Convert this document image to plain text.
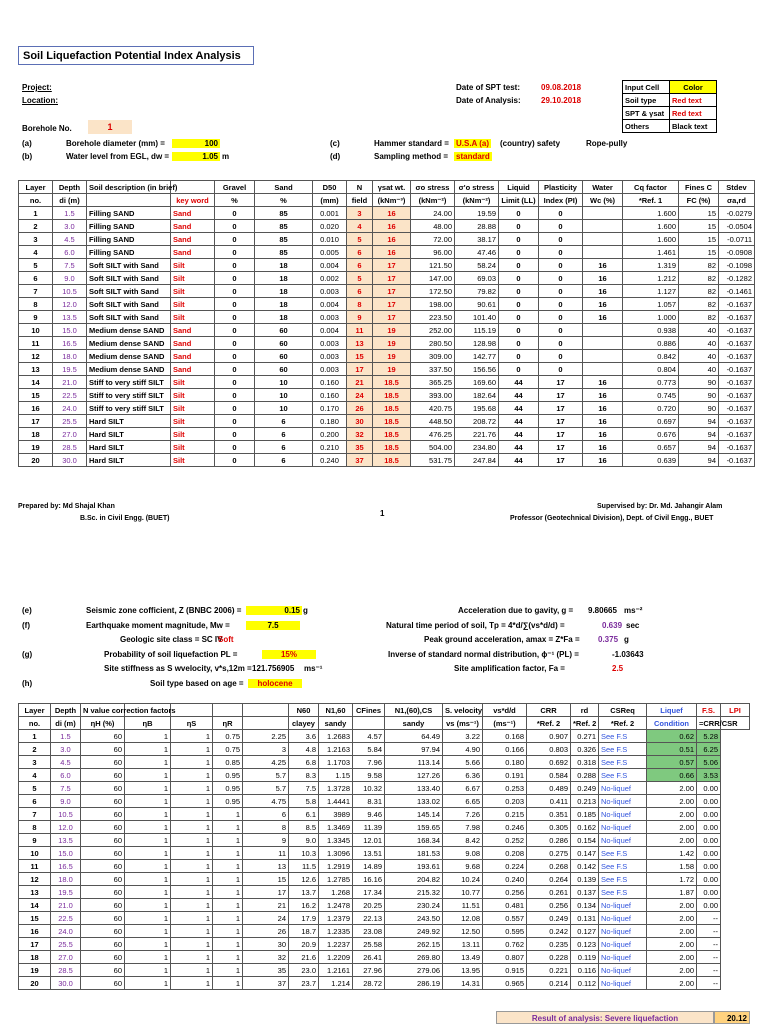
Soil Liquefaction Potential Index Analysis
Project:
Location:
Date of SPT test:	09.08.2018
Date of Analysis:	29.10.2018
Input Cell	Color
Soil type	Red text
SPT & γsat	Red text
Others	Black text
Borehole No.	1
(a)	Borehole diameter (mm) =	100
(b)	Water level from EGL, dw =	1.05 m
(c)	Hammer standard = U.S.A (a) (country) safety	Rope-pully
(d)	Sampling method = standard
Layer	Depth	Soil description (in brief)		Gravel	Sand	D50	N	γsat wt.	σo stress	σ'o stress	Liquid	Plasticity	Water	Cq factor	Fines C	Stdev
no.	di (m)		key word	%	%	(mm)	field	(kNm⁻³)	(kNm⁻²)	(kNm⁻²)	Limit (LL)	Index (PI)	Wc (%)	*Ref. 1	FC (%)	σa,rd
1	1.5	Filling SAND	Sand	0	85	0.001	3	16	24.00	19.59	0	0		1.600	15	-0.0279
2	3.0	Filling SAND	Sand	0	85	0.020	4	16	48.00	28.88	0	0		1.600	15	-0.0504
3	4.5	Filling SAND	Sand	0	85	0.010	5	16	72.00	38.17	0	0		1.600	15	-0.0711
4	6.0	Filling SAND	Sand	0	85	0.005	6	16	96.00	47.46	0	0		1.461	15	-0.0908
5	7.5	Soft SILT with Sand	Silt	0	18	0.004	6	17	121.50	58.24	0	0	16	1.319	82	-0.1098
6	9.0	Soft SILT with Sand	Silt	0	18	0.002	5	17	147.00	69.03	0	0	16	1.212	82	-0.1282
7	10.5	Soft SILT with Sand	Silt	0	18	0.003	6	17	172.50	79.82	0	0	16	1.127	82	-0.1461
8	12.0	Soft SILT with Sand	Silt	0	18	0.004	8	17	198.00	90.61	0	0	16	1.057	82	-0.1637
9	13.5	Soft SILT with Sand	Silt	0	18	0.003	9	17	223.50	101.40	0	0	16	1.000	82	-0.1637
10	15.0	Medium dense SAND	Sand	0	60	0.004	11	19	252.00	115.19	0	0		0.938	40	-0.1637
11	16.5	Medium dense SAND	Sand	0	60	0.003	13	19	280.50	128.98	0	0		0.886	40	-0.1637
12	18.0	Medium dense SAND	Sand	0	60	0.003	15	19	309.00	142.77	0	0		0.842	40	-0.1637
13	19.5	Medium dense SAND	Sand	0	60	0.003	17	19	337.50	156.56	0	0		0.804	40	-0.1637
14	21.0	Stiff to very stiff SILT	Silt	0	10	0.160	21	18.5	365.25	169.60	44	17	16	0.773	90	-0.1637
15	22.5	Stiff to very stiff SILT	Silt	0	10	0.160	24	18.5	393.00	182.64	44	17	16	0.745	90	-0.1637
16	24.0	Stiff to very stiff SILT	Silt	0	10	0.170	26	18.5	420.75	195.68	44	17	16	0.720	90	-0.1637
17	25.5	Hard SILT	Silt	0	6	0.180	30	18.5	448.50	208.72	44	17	16	0.697	94	-0.1637
18	27.0	Hard SILT	Silt	0	6	0.200	32	18.5	476.25	221.76	44	17	16	0.676	94	-0.1637
19	28.5	Hard SILT	Silt	0	6	0.210	35	18.5	504.00	234.80	44	17	16	0.657	94	-0.1637
20	30.0	Hard SILT	Silt	0	6	0.240	37	18.5	531.75	247.84	44	17	16	0.639	94	-0.1637
Prepared by: Md Shajal Khan
B.Sc. in Civil Engg. (BUET)
1
Supervised by: Dr. Md. Jahangir Alam
Professor (Geotechnical Division), Dept. of Civil Engg., BUET
(e)	Seismic zone cofficient, Z (BNBC 2006) =	0.15 g
(f)	Earthquake moment magnitude, Mw =	7.5
Geologic site class = SC IV
Soft
(g)	Probability of soil liquefaction PL =	15%
Site stiffness as S wvelocity, v*s,12m = 121.756905 ms⁻¹
(h)	Soil type based on age =	holocene
Acceleration due to gavity, g = 9.80665 ms⁻²
Natural time period of soil, Tp = 4*d/∑(vs*d/d) =	0.639 sec
Peak ground acceleration, amax = Z*Fa = 0.375 g
Inverse of standard normal distribution, ϕ⁻¹ (PL) =	-1.03643
Site amplification factor, Fa =	2.5
Layer	Depth	N value correction factors					N60	N1,60	CFines	N1,(60),CS	S. velocity	vs*d/d	CRR	rd	CSReq	Liquef	F.S.	LPI
no.	di (m)	ηH (%)	ηB	ηS	ηR		clayey	sandy		sandy	vs (ms⁻¹)	(ms⁻¹)	*Ref. 2	*Ref. 2	*Ref. 2	Condition	=CRR/CSR	
1	1.5	60	1	1	0.75	2.25	3.6	1.2683	4.57	64.49	3.22	0.168	0.907	0.271	See F.S	0.62	5.28	
2	3.0	60	1	1	0.75	3	4.8	1.2163	5.84	97.94	4.90	0.166	0.803	0.326	See F.S	0.51	6.25	
3	4.5	60	1	1	0.85	4.25	6.8	1.1703	7.96	113.14	5.66	0.180	0.692	0.318	See F.S	0.57	5.06	
4	6.0	60	1	1	0.95	5.7	8.3	1.15	9.58	127.26	6.36	0.191	0.584	0.288	See F.S	0.66	3.53	
5	7.5	60	1	1	0.95	5.7	7.5	1.3728	10.32	133.40	6.67	0.253	0.489	0.249	No-liquef	2.00	0.00	
6	9.0	60	1	1	0.95	4.75	5.8	1.4441	8.31	133.02	6.65	0.203	0.411	0.213	No-liquef	2.00	0.00	
7	10.5	60	1	1	1	6	6.1	3989	9.46	145.14	7.26	0.215	0.351	0.185	No-liquef	2.00	0.00	
8	12.0	60	1	1	1	8	8.5	1.3469	11.39	159.65	7.98	0.246	0.305	0.162	No-liquef	2.00	0.00	
9	13.5	60	1	1	1	9	9.0	1.3345	12.01	168.34	8.42	0.252	0.286	0.154	No-liquef	2.00	0.00	
10	15.0	60	1	1	1	11	10.3	1.3096	13.51	181.53	9.08	0.208	0.275	0.147	See F.S	1.42	0.00	
11	16.5	60	1	1	1	13	11.5	1.2919	14.89	193.61	9.68	0.224	0.268	0.142	See F.S	1.58	0.00	
12	18.0	60	1	1	1	15	12.6	1.2785	16.16	204.82	10.24	0.240	0.264	0.139	See F.S	1.72	0.00	
13	19.5	60	1	1	1	17	13.7	1.268	17.34	215.32	10.77	0.256	0.261	0.137	See F.S	1.87	0.00	
14	21.0	60	1	1	1	21	16.2	1.2478	20.25	230.24	11.51	0.481	0.256	0.134	No-liquef	2.00	0.00	
15	22.5	60	1	1	1	24	17.9	1.2379	22.13	243.50	12.08	0.557	0.249	0.131	No-liquef	2.00	--	
16	24.0	60	1	1	1	26	18.7	1.2335	23.08	249.92	12.50	0.595	0.242	0.127	No-liquef	2.00	--	
17	25.5	60	1	1	1	30	20.9	1.2237	25.58	262.15	13.11	0.762	0.235	0.123	No-liquef	2.00	--	
18	27.0	60	1	1	1	32	21.6	1.2209	26.41	269.80	13.49	0.807	0.228	0.119	No-liquef	2.00	--	
19	28.5	60	1	1	1	35	23.0	1.2161	27.96	279.06	13.95	0.915	0.221	0.116	No-liquef	2.00	--	
20	30.0	60	1	1	1	37	23.7	1.214	28.72	286.19	14.31	0.965	0.214	0.112	No-liquef	2.00	--	
Result of analysis: Severe liquefaction	20.12
